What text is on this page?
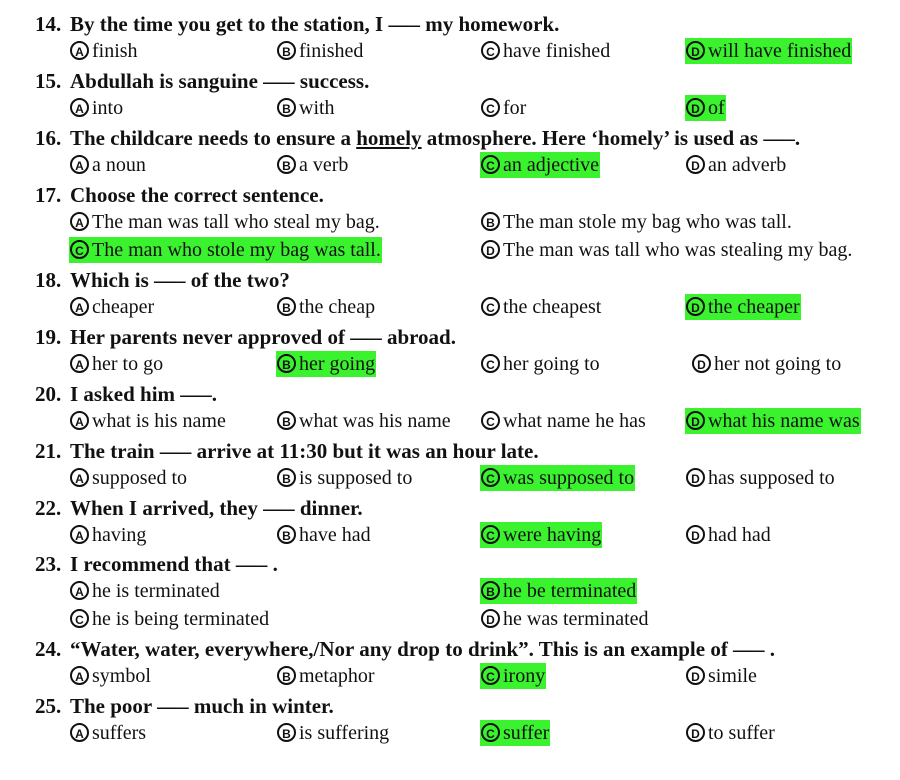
14. By the time you get to the station, I —– my homework.
A finish	B finished	C have finished	D will have finished
15. Abdullah is sanguine —– success.
A into	B with	C for	D of
16. The childcare needs to ensure a homely atmosphere. Here ‘homely’ is used as —–.
A a noun	B a verb	C an adjective	D an adverb
17. Choose the correct sentence.
A The man was tall who steal my bag.	B The man stole my bag who was tall.
C The man who stole my bag was tall.	D The man was tall who was stealing my bag.
18. Which is —– of the two?
A cheaper	B the cheap	C the cheapest	D the cheaper
19. Her parents never approved of —– abroad.
A her to go	B her going	C her going to	D her not going to
20. I asked him —–.
A what is his name	B what was his name	C what name he has	D what his name was
21. The train —– arrive at 11:30 but it was an hour late.
A supposed to	B is supposed to	C was supposed to	D has supposed to
22. When I arrived, they —– dinner.
A having	B have had	C were having	D had had
23. I recommend that —– .
A he is terminated	B he be terminated
C he is being terminated	D he was terminated
24. “Water, water, everywhere,/Nor any drop to drink”. This is an example of —– .
A symbol	B metaphor	C irony	D simile
25. The poor —– much in winter.
A suffers	B is suffering	C suffer	D to suffer
